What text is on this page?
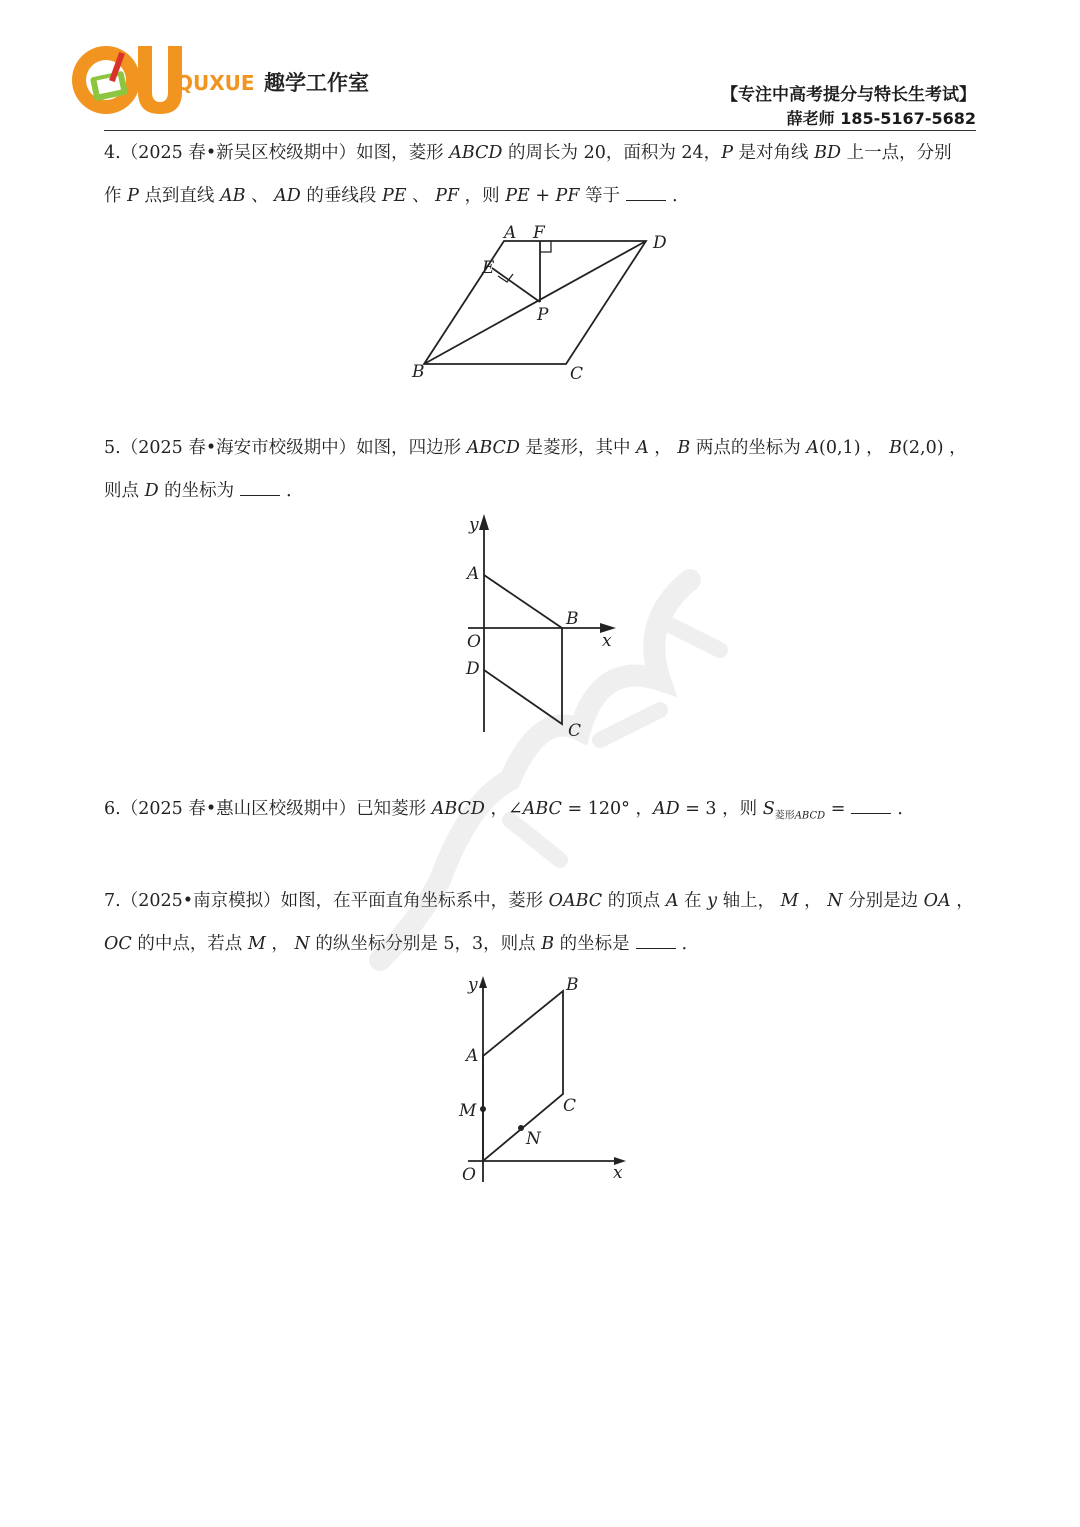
QUXUE 趣学工作室	【专注中高考提分与特长生考试】
薛老师 185-5167-5682
4.（2025 春•新吴区校级期中）如图，菱形 ABCD 的周长为 20，面积为 24，P 是对角线 BD 上一点，分别
作 P 点到直线 AB 、 AD 的垂线段 PE 、 PF ，则 PE + PF 等于	．
A F	D
E
P
B	C
5.（2025 春•海安市校级期中）如图，四边形 ABCD 是菱形，其中 A ， B 两点的坐标为 A(0,1) ， B(2,0) ，
则点 D 的坐标为	．
y
x
A
B
O
D
C
6.（2025 春•惠山区校级期中）已知菱形 ABCD ，∠ABC = 120° ，AD = 3 ，则 $S_{菱形ABCD}$ =	．
7.（2025•南京模拟）如图，在平面直角坐标系中，菱形 OABC 的顶点 A 在 y 轴上， M ， N 分别是边 OA ，
OC 的中点，若点 M ， N 的纵坐标分别是 5，3，则点 B 的坐标是	．
y
x
B
A
M	C
N
O
